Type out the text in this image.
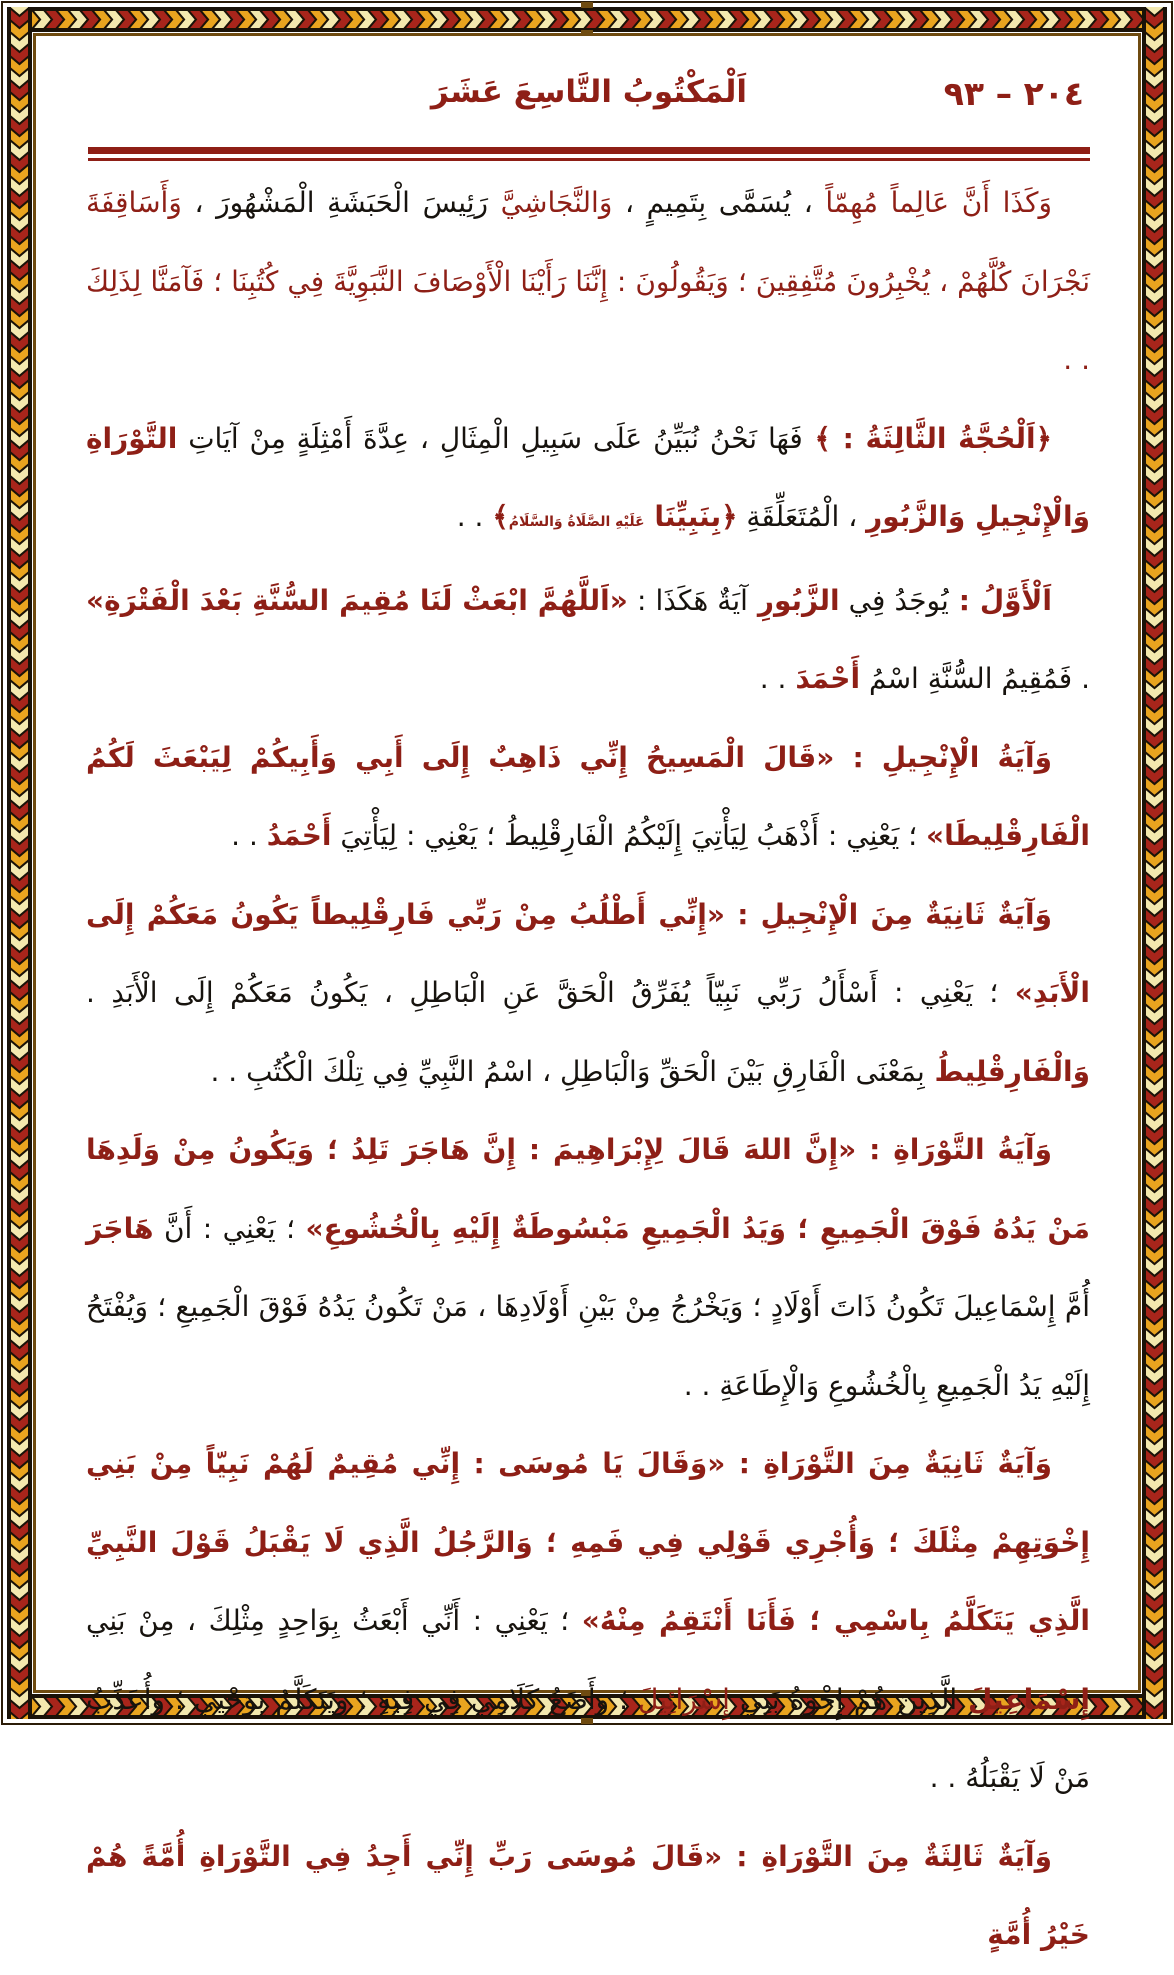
اَلْمَكْتُوبُ التَّاسِعَ عَشَرَ	٢٠٤ – ٩٣

وَكَذَا أَنَّ عَالِماً مُهِمّاً ، يُسَمَّى بِتَمِيمٍ ، وَالنَّجَاشِيَّ رَئِيسَ الْحَبَشَةِ الْمَشْهُورَ ، وَأَسَاقِفَةَ نَجْرَانَ كُلَّهُمْ ، يُخْبِرُونَ مُتَّفِقِينَ ؛ وَيَقُولُونَ : إِنَّنَا رَأَيْنَا الْأَوْصَافَ النَّبَوِيَّةَ فِي كُتُبِنَا ؛ فَآمَنَّا لِذَلِكَ . .

﴿اَلْحُجَّةُ الثَّالِثَةُ : ﴾ فَهَا نَحْنُ نُبَيِّنُ عَلَى سَبِيلِ الْمِثَالِ ، عِدَّةَ أَمْثِلَةٍ مِنْ آيَاتِ التَّوْرَاةِ وَالْإِنْجِيلِ وَالزَّبُورِ ، الْمُتَعَلِّقَةِ ﴿بِنَبِيِّنَا عَلَيْهِ الصَّلَاةُ وَالسَّلَامُ﴾ . .

اَلْأَوَّلُ : يُوجَدُ فِي الزَّبُورِ آيَةٌ هَكَذَا : «اَللَّهُمَّ ابْعَثْ لَنَا مُقِيمَ السُّنَّةِ بَعْدَ الْفَتْرَةِ» . فَمُقِيمُ السُّنَّةِ اسْمُ أَحْمَدَ . .

وَآيَةُ الْإِنْجِيلِ : «قَالَ الْمَسِيحُ إِنِّي ذَاهِبٌ إِلَى أَبِي وَأَبِيكُمْ لِيَبْعَثَ لَكُمُ الْفَارِقْلِيطَا» ؛ يَعْنِي : أَذْهَبُ لِيَأْتِيَ إِلَيْكُمُ الْفَارِقْلِيطُ ؛ يَعْنِي : لِيَأْتِيَ أَحْمَدُ . .

وَآيَةٌ ثَانِيَةٌ مِنَ الْإِنْجِيلِ : «إِنِّي أَطْلُبُ مِنْ رَبِّي فَارِقْلِيطاً يَكُونُ مَعَكُمْ إِلَى الْأَبَدِ» ؛ يَعْنِي : أَسْأَلُ رَبِّي نَبِيّاً يُفَرِّقُ الْحَقَّ عَنِ الْبَاطِلِ ، يَكُونُ مَعَكُمْ إِلَى الْأَبَدِ . وَالْفَارِقْلِيطُ بِمَعْنَى الْفَارِقِ بَيْنَ الْحَقِّ وَالْبَاطِلِ ، اسْمُ النَّبِيِّ فِي تِلْكَ الْكُتُبِ . .

وَآيَةُ التَّوْرَاةِ : «إِنَّ اللهَ قَالَ لِإِبْرَاهِيمَ : إِنَّ هَاجَرَ تَلِدُ ؛ وَيَكُونُ مِنْ وَلَدِهَا مَنْ يَدُهُ فَوْقَ الْجَمِيعِ ؛ وَيَدُ الْجَمِيعِ مَبْسُوطَةٌ إِلَيْهِ بِالْخُشُوعِ» ؛ يَعْنِي : أَنَّ هَاجَرَ أُمَّ إِسْمَاعِيلَ تَكُونُ ذَاتَ أَوْلَادٍ ؛ وَيَخْرُجُ مِنْ بَيْنِ أَوْلَادِهَا ، مَنْ تَكُونُ يَدُهُ فَوْقَ الْجَمِيعِ ؛ وَيُفْتَحُ إِلَيْهِ يَدُ الْجَمِيعِ بِالْخُشُوعِ وَالْإِطَاعَةِ . .

وَآيَةٌ ثَانِيَةٌ مِنَ التَّوْرَاةِ : «وَقَالَ يَا مُوسَى : إِنِّي مُقِيمٌ لَهُمْ نَبِيّاً مِنْ بَنِي إِخْوَتِهِمْ مِثْلَكَ ؛ وَأُجْرِي قَوْلِي فِي فَمِهِ ؛ وَالرَّجُلُ الَّذِي لَا يَقْبَلُ قَوْلَ النَّبِيِّ الَّذِي يَتَكَلَّمُ بِاسْمِي ؛ فَأَنَا أَنْتَقِمُ مِنْهُ» ؛ يَعْنِي : أَنِّي أَبْعَثُ بِوَاحِدٍ مِثْلِكَ ، مِنْ بَنِي إِسْمَاعِيلَ الَّذِينَ هُمْ إِخْوَةُ بَنِي إِسْرَائِيلَ ؛ وَأَضَعُ كَلَامِي فِي فِيهِ ؛ وَيَتَكَلَّمُ بِوَحْيِي ؛ وَأُعَذِّبُ مَنْ لَا يَقْبَلُهُ . .

وَآيَةٌ ثَالِثَةٌ مِنَ التَّوْرَاةِ : «قَالَ مُوسَى رَبِّ إِنِّي أَجِدُ فِي التَّوْرَاةِ أُمَّةً هُمْ خَيْرُ أُمَّةٍ
